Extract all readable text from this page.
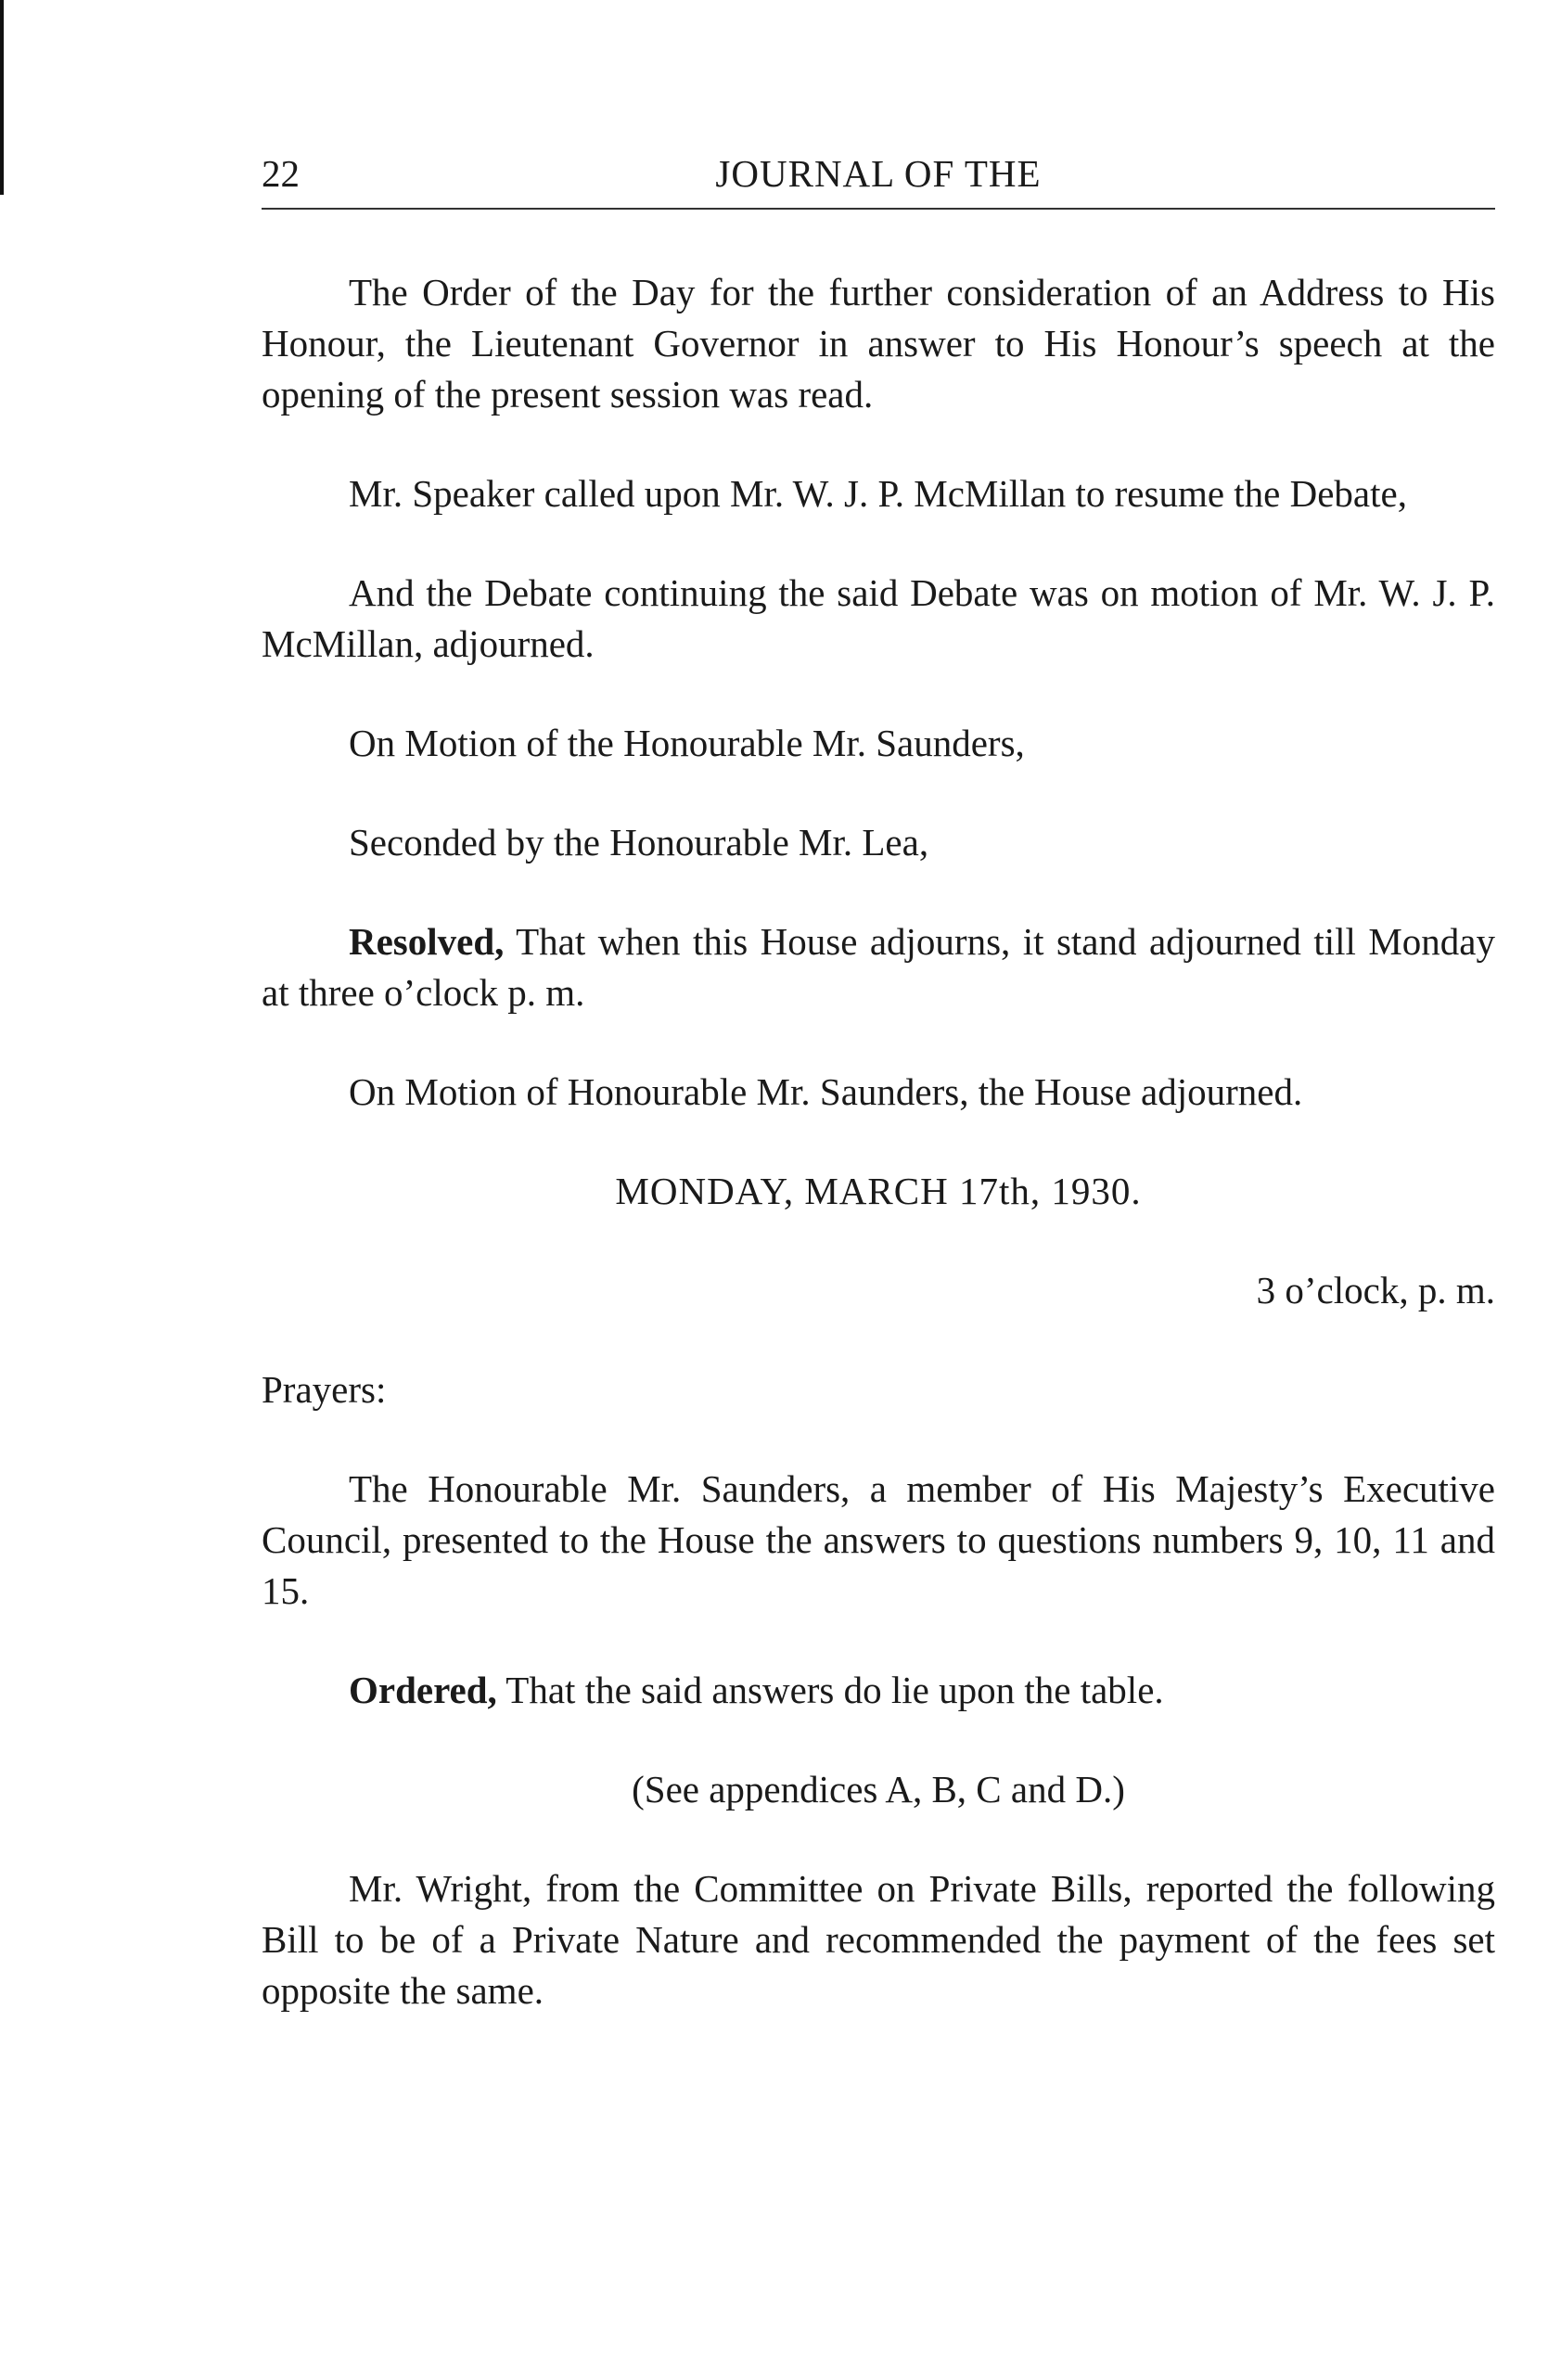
22	JOURNAL OF THE

The Order of the Day for the further consideration of an Address to His Honour, the Lieutenant Governor in answer to His Honour’s speech at the opening of the present session was read.

Mr. Speaker called upon Mr. W. J. P. McMillan to resume the Debate,

And the Debate continuing the said Debate was on motion of Mr. W. J. P. McMillan, adjourned.

On Motion of the Honourable Mr. Saunders,

Seconded by the Honourable Mr. Lea,

Resolved, That when this House adjourns, it stand adjourned till Monday at three o’clock p. m.

On Motion of Honourable Mr. Saunders, the House adjourned.

MONDAY, MARCH 17th, 1930.

3 o’clock, p. m.

Prayers:

The Honourable Mr. Saunders, a member of His Majesty’s Executive Council, presented to the House the answers to questions numbers 9, 10, 11 and 15.

Ordered, That the said answers do lie upon the table.

(See appendices A, B, C and D.)

Mr. Wright, from the Committee on Private Bills, reported the following Bill to be of a Private Nature and recommended the payment of the fees set opposite the same.
